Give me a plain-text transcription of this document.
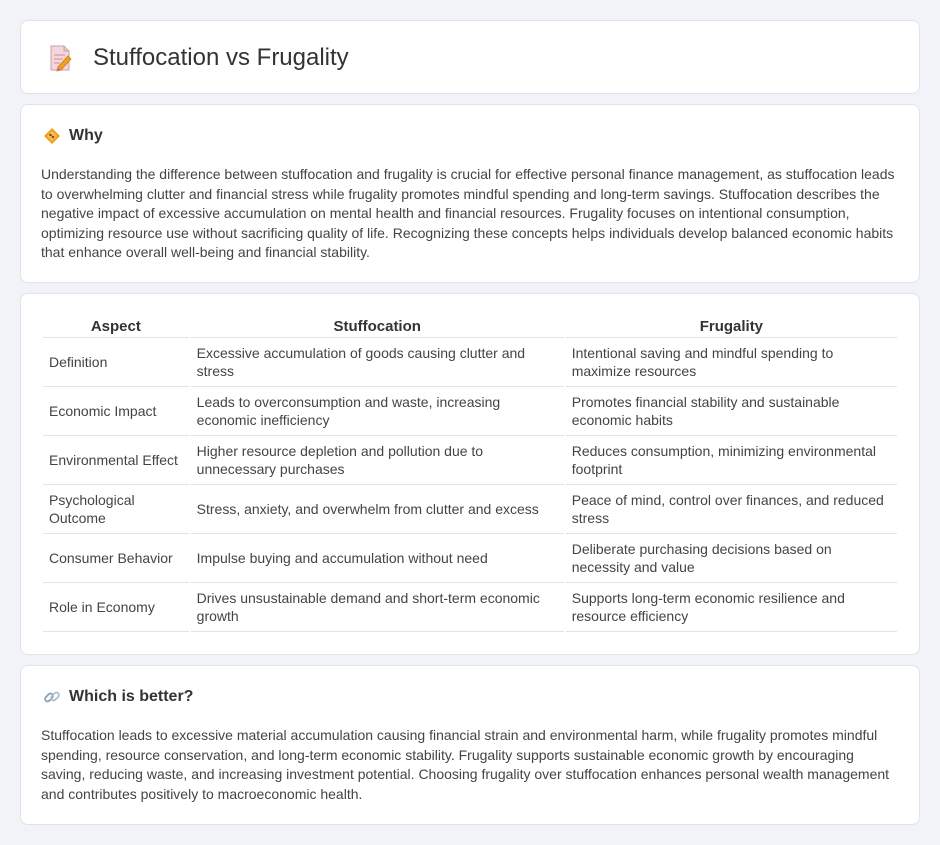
Stuffocation vs Frugality
Why

Understanding the difference between stuffocation and frugality is crucial for effective personal finance management, as stuffocation leads to overwhelming clutter and financial stress while frugality promotes mindful spending and long-term savings. Stuffocation describes the negative impact of excessive accumulation on mental health and financial resources. Frugality focuses on intentional consumption, optimizing resource use without sacrificing quality of life. Recognizing these concepts helps individuals develop balanced economic habits that enhance overall well-being and financial stability.

Aspect	Stuffocation	Frugality
Definition	Excessive accumulation of goods causing clutter and stress	Intentional saving and mindful spending to maximize resources
Economic Impact	Leads to overconsumption and waste, increasing economic inefficiency	Promotes financial stability and sustainable economic habits
Environmental Effect	Higher resource depletion and pollution due to unnecessary purchases	Reduces consumption, minimizing environmental footprint
Psychological Outcome	Stress, anxiety, and overwhelm from clutter and excess	Peace of mind, control over finances, and reduced stress
Consumer Behavior	Impulse buying and accumulation without need	Deliberate purchasing decisions based on necessity and value
Role in Economy	Drives unsustainable demand and short-term economic growth	Supports long-term economic resilience and resource efficiency
Which is better?

Stuffocation leads to excessive material accumulation causing financial strain and environmental harm, while frugality promotes mindful spending, resource conservation, and long-term economic stability. Frugality supports sustainable economic growth by encouraging saving, reducing waste, and increasing investment potential. Choosing frugality over stuffocation enhances personal wealth management and contributes positively to macroeconomic health.
